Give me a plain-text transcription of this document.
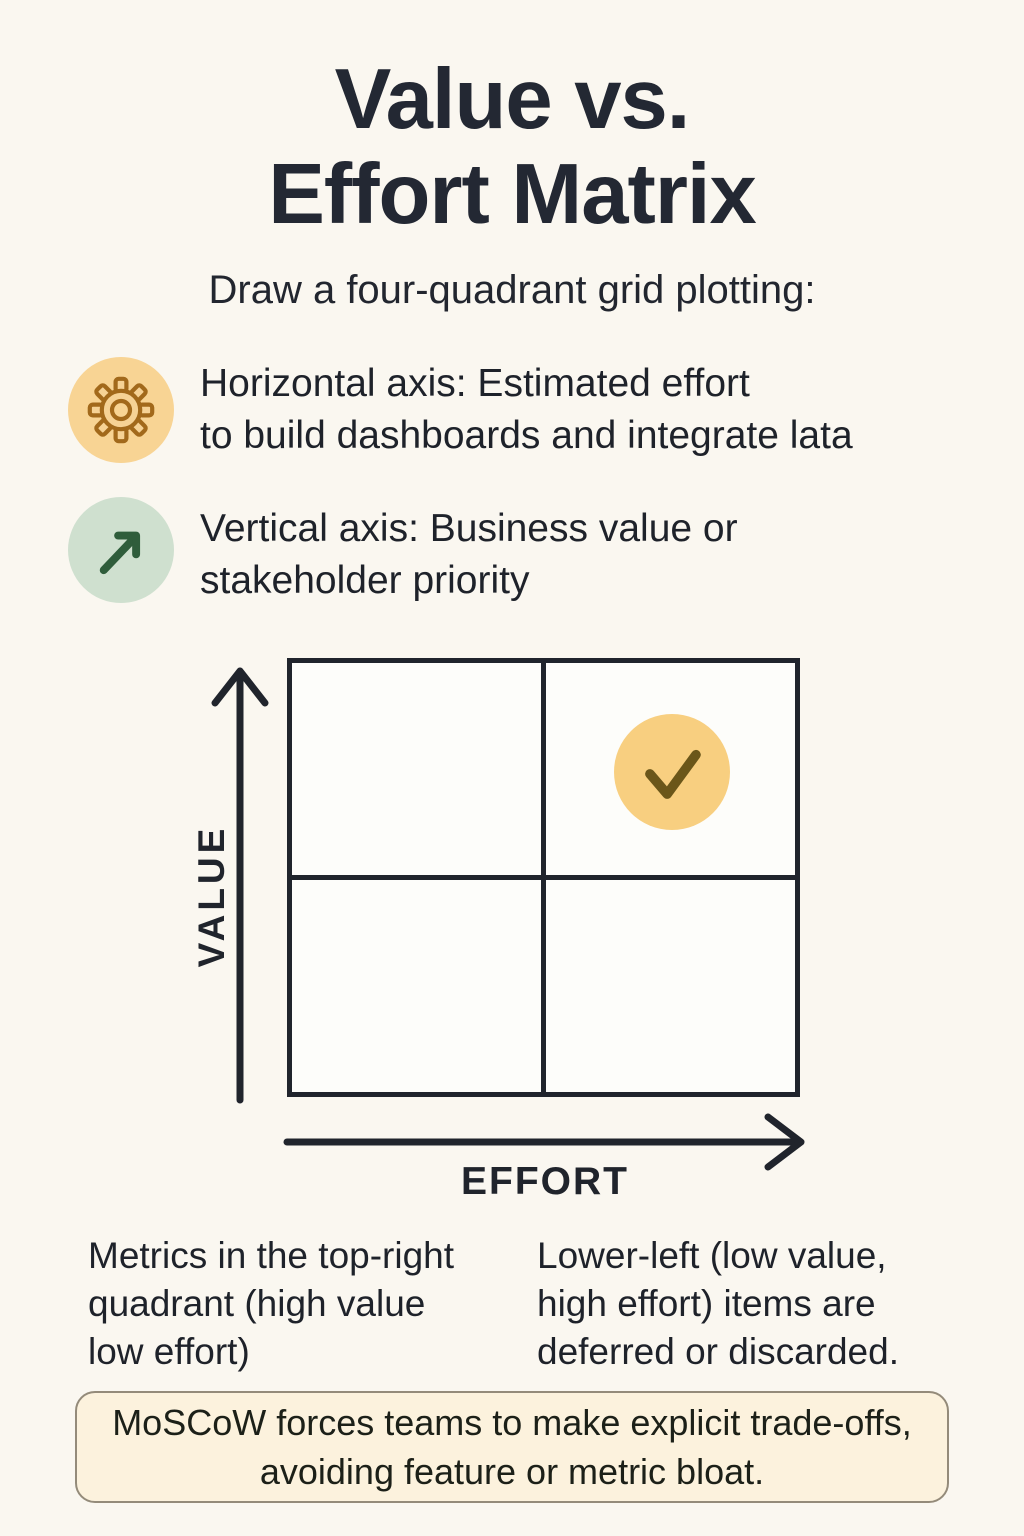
Value vs.
Effort Matrix
Draw a four-quadrant grid plotting:
Horizontal axis: Estimated effort
to build dashboards and integrate lata
Vertical axis: Business value or
stakeholder priority
VALUE
EFFORT
Metrics in the top-right
quadrant (high value
low effort)
Lower-left (low value,
high effort) items are
deferred or discarded.
MoSCoW forces teams to make explicit trade-offs,
avoiding feature or metric bloat.
